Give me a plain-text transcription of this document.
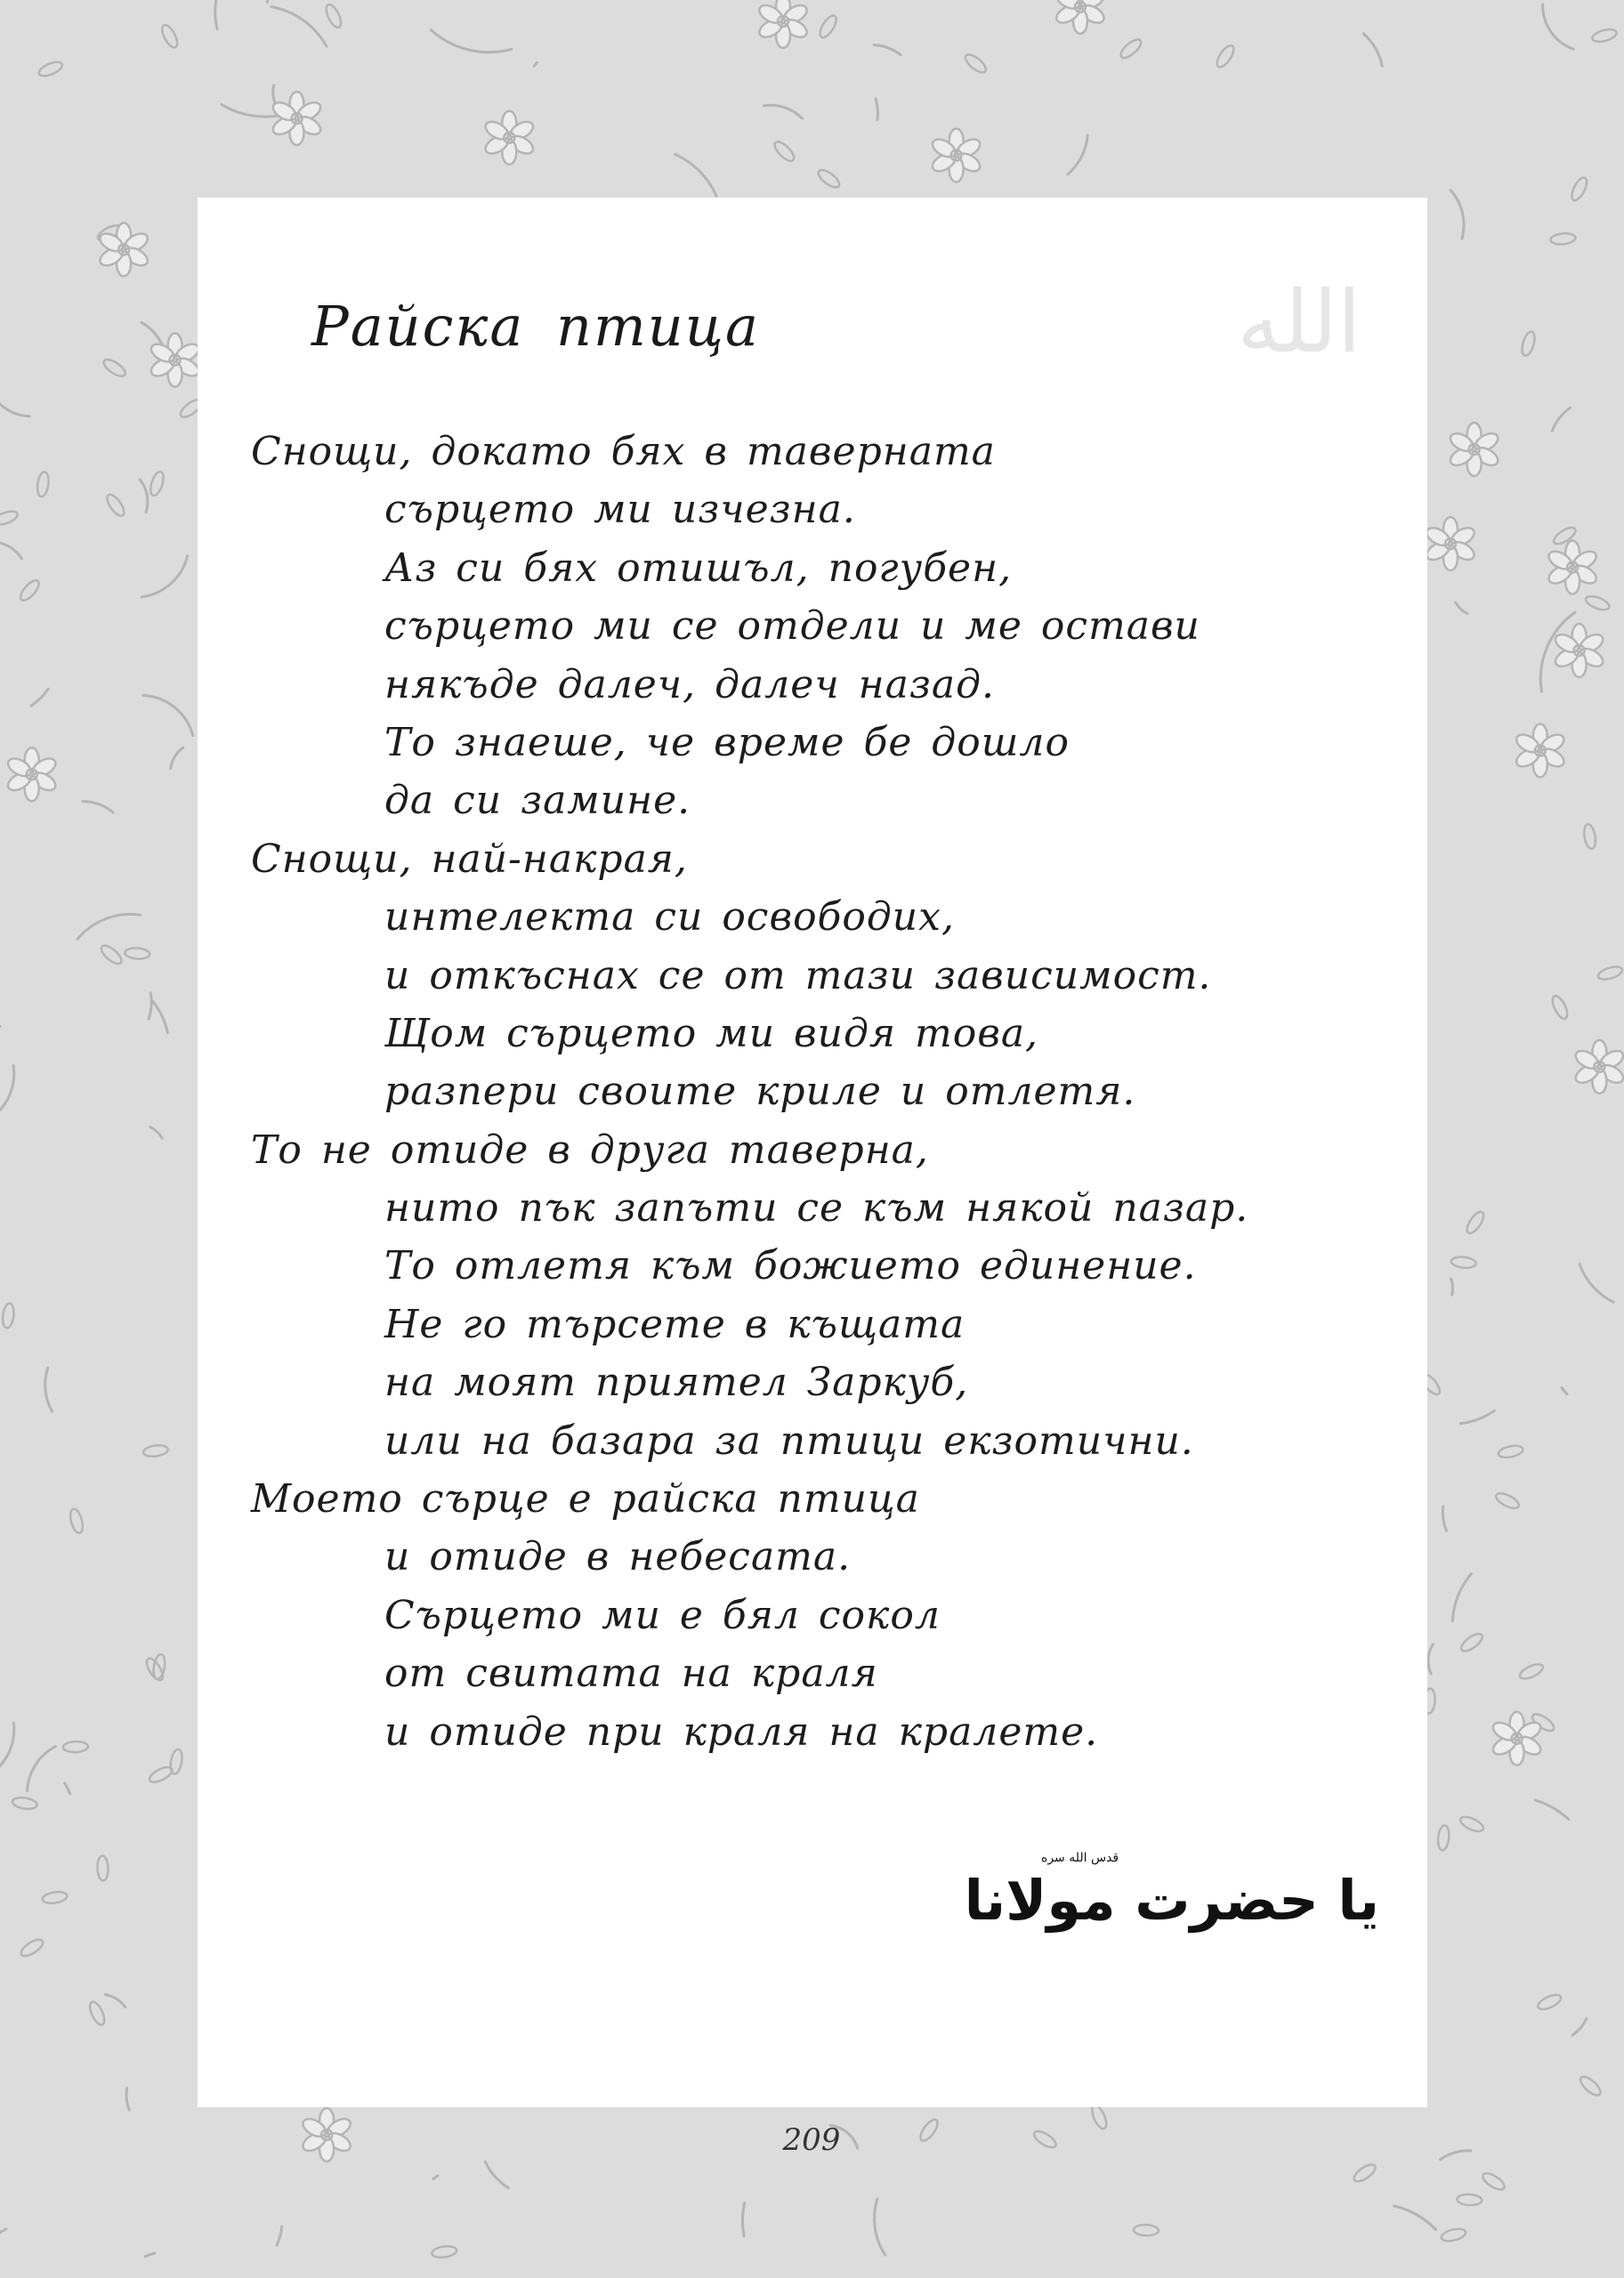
Райска птица	الله
Снощи, докато бях в таверната
сърцето ми изчезна.
Аз си бях отишъл, погубен,
сърцето ми се отдели и ме остави
някъде далеч, далеч назад.
То знаеше, че време бе дошло
да си замине.
Снощи, най-накрая,
интелекта си освободих,
и откъснах се от тази зависимост.
Щом сърцето ми видя това,
разпери своите криле и отлетя.
То не отиде в друга таверна,
нито пък запъти се към някой пазар.
То отлетя към божието единение.
Не го търсете в къщата
на моят приятел Заркуб,
или на базара за птици екзотични.
Моето сърце е райска птица
и отиде в небесата.
Сърцето ми е бял сокол
от свитата на краля
и отиде при краля на кралете.
قدس الله سره
یا حضرت مولانا
209
